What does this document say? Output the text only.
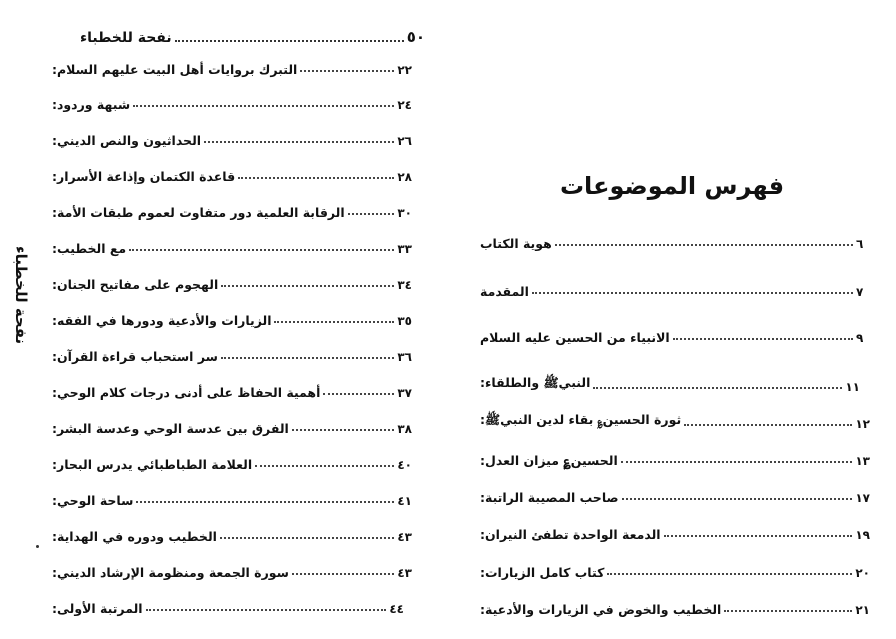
نفحة للخطباء	٥٠
نفحة للخطباء
التبرك بروايات أهل البيت عليهم السلام:	٢٢
شبهة وردود:	٢٤
الحداثيون والنص الديني:	٢٦
قاعدة الكتمان وإذاعة الأسرار:	٢٨
الرقابة العلمية دور متفاوت لعموم طبقات الأمة:	٣٠
مع الخطيب:	٣٣
الهجوم على مفاتيح الجنان:	٣٤
الزيارات والأدعية ودورها في الفقه:	٣٥
سر استحباب قراءة القرآن:	٣٦
أهمية الحفاظ على أدنى درجات كلام الوحي:	٣٧
الفرق بين عدسة الوحي وعدسة البشر:	٣٨
العلامة الطباطبائي يدرس البحار:	٤٠
ساحة الوحي:	٤١
الخطيب ودوره في الهداية:	٤٣
سورة الجمعة ومنظومة الإرشاد الديني:	٤٣
المرتبة الأولى:	٤٤
فهرس الموضوعات
هوية الكتاب	٦
المقدمة	٧
الانبياء من الحسين عليه السلام	٩
النبيﷺ والطلقاء:	١١
ثورة الحسين؏ بقاء لدين النبيﷺ:	١٢
الحسين؏ ميزان العدل:	١٣
صاحب المصيبة الراتبة:	١٧
الدمعة الواحدة تطفئ النيران:	١٩
كتاب كامل الزيارات:	٢٠
الخطيب والخوض في الزيارات والأدعية:	٢١
